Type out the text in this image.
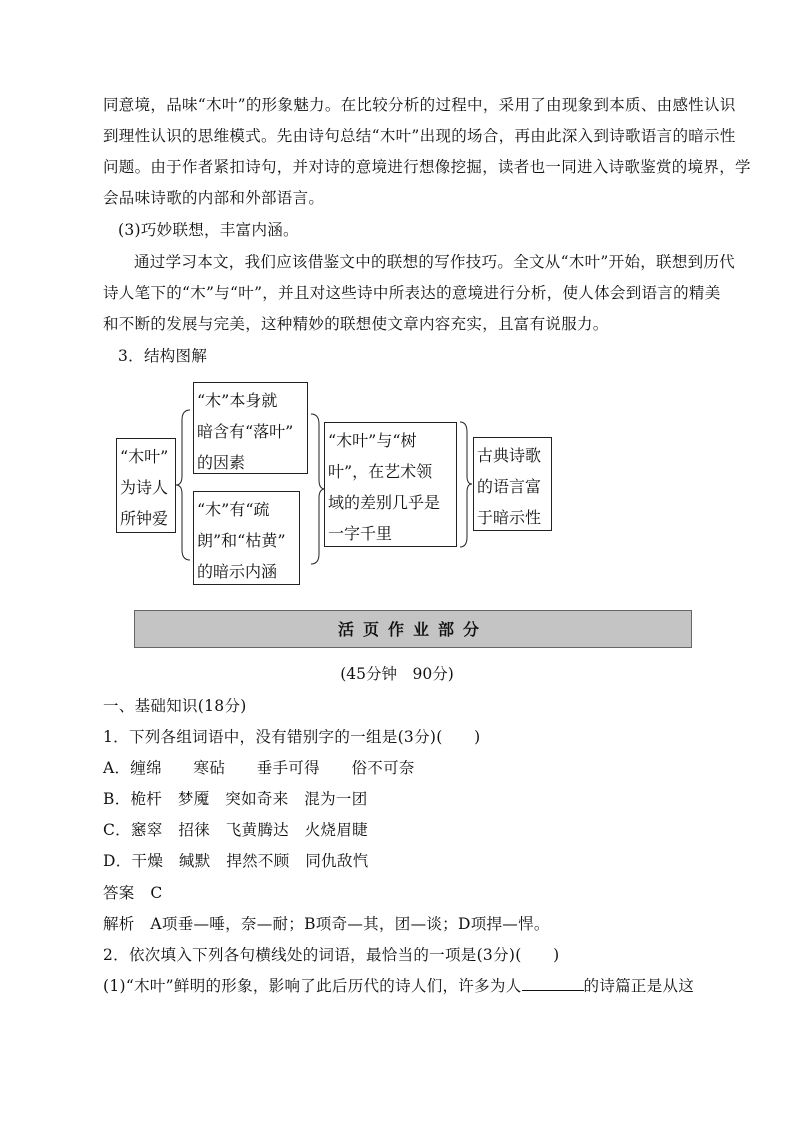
同意境，品味“木叶”的形象魅力。在比较分析的过程中，采用了由现象到本质、由感性认识
到理性认识的思维模式。先由诗句总结“木叶”出现的场合，再由此深入到诗歌语言的暗示性
问题。由于作者紧扣诗句，并对诗的意境进行想像挖掘，读者也一同进入诗歌鉴赏的境界，学
会品味诗歌的内部和外部语言。
(3)巧妙联想，丰富内涵。
通过学习本文，我们应该借鉴文中的联想的写作技巧。全文从“木叶”开始，联想到历代
诗人笔下的“木”与“叶”，并且对这些诗中所表达的意境进行分析，使人体会到语言的精美
和不断的发展与完美，这种精妙的联想使文章内容充实，且富有说服力。
3．结构图解
“木叶”
为诗人
所钟爱
“木”本身就
暗含有“落叶”
的因素
“木”有“疏
朗”和“枯黄”
的暗示内涵
“木叶”与“树
叶”，在艺术领
域的差别几乎是
一字千里
古典诗歌
的语言富
于暗示性
活页作业部分
(45分钟　90分)
一、基础知识(18分)
1．下列各组词语中，没有错别字的一组是(3分)(　　)
A．缠绵　　寒砧　　垂手可得　　俗不可奈
B．桅杆　梦魇　突如奇来　混为一团
C．窸窣　招徕　飞黄腾达　火烧眉睫
D．干燥　缄默　捍然不顾　同仇敌忾
答案　C
解析　A项垂—唾，奈—耐；B项奇—其，团—谈；D项捍—悍。
2．依次填入下列各句横线处的词语，最恰当的一项是(3分)(　　)
(1)“木叶”鲜明的形象，影响了此后历代的诗人们，许多为人	的诗篇正是从这
